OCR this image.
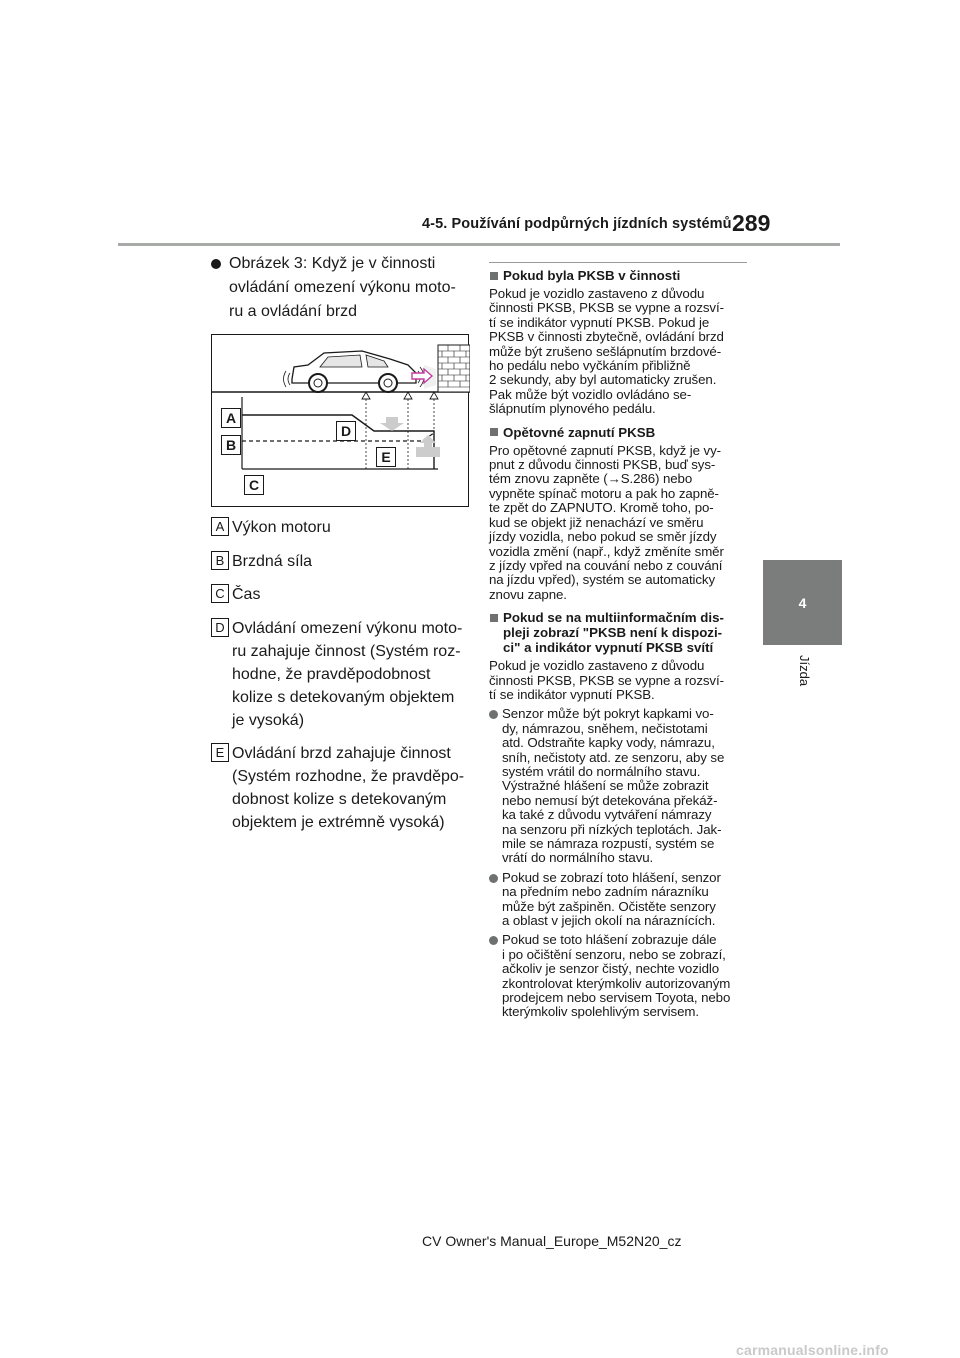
4-5. Používání podpůrných jízdních systémů 289
4
Jízda
Obrázek 3: Když je v činnosti
ovládání omezení výkonu moto-
ru a ovládání brzd
A
B
C
D
E
A Výkon motoru
B Brzdná síla
C Čas
D Ovládání omezení výkonu moto-
ru zahajuje činnost (Systém roz-
hodne, že pravděpodobnost
kolize s detekovaným objektem
je vysoká)
E Ovládání brzd zahajuje činnost
(Systém rozhodne, že pravděpo-
dobnost kolize s detekovaným
objektem je extrémně vysoká)
Pokud byla PKSB v činnosti
Pokud je vozidlo zastaveno z důvodu
činnosti PKSB, PKSB se vypne a rozsví-
tí se indikátor vypnutí PKSB. Pokud je
PKSB v činnosti zbytečně, ovládání brzd
může být zrušeno sešlápnutím brzdové-
ho pedálu nebo vyčkáním přibližně
2 sekundy, aby byl automaticky zrušen.
Pak může být vozidlo ovládáno se-
šlápnutím plynového pedálu.
Opětovné zapnutí PKSB
Pro opětovné zapnutí PKSB, když je vy-
pnut z důvodu činnosti PKSB, buď sys-
tém znovu zapněte (→S.286) nebo
vypněte spínač motoru a pak ho zapně-
te zpět do ZAPNUTO. Kromě toho, po-
kud se objekt již nenachází ve směru
jízdy vozidla, nebo pokud se směr jízdy
vozidla změní (např., když změníte směr
z jízdy vpřed na couvání nebo z couvání
na jízdu vpřed), systém se automaticky
znovu zapne.
Pokud se na multiinformačním dis-
pleji zobrazí "PKSB není k dispozi-
ci" a indikátor vypnutí PKSB svítí
Pokud je vozidlo zastaveno z důvodu
činnosti PKSB, PKSB se vypne a rozsví-
tí se indikátor vypnutí PKSB.
Senzor může být pokryt kapkami vo-
dy, námrazou, sněhem, nečistotami
atd. Odstraňte kapky vody, námrazu,
sníh, nečistoty atd. ze senzoru, aby se
systém vrátil do normálního stavu.
Výstražné hlášení se může zobrazit
nebo nemusí být detekována překáž-
ka také z důvodu vytváření námrazy
na senzoru při nízkých teplotách. Jak-
mile se námraza rozpustí, systém se
vrátí do normálního stavu.
Pokud se zobrazí toto hlášení, senzor
na předním nebo zadním nárazníku
může být zašpiněn. Očistěte senzory
a oblast v jejich okolí na náraznících.
Pokud se toto hlášení zobrazuje dále
i po očištění senzoru, nebo se zobrazí,
ačkoliv je senzor čistý, nechte vozidlo
zkontrolovat kterýmkoliv autorizovaným
prodejcem nebo servisem Toyota, nebo
kterýmkoliv spolehlivým servisem.
CV Owner's Manual_Europe_M52N20_cz
carmanualsonline.info
